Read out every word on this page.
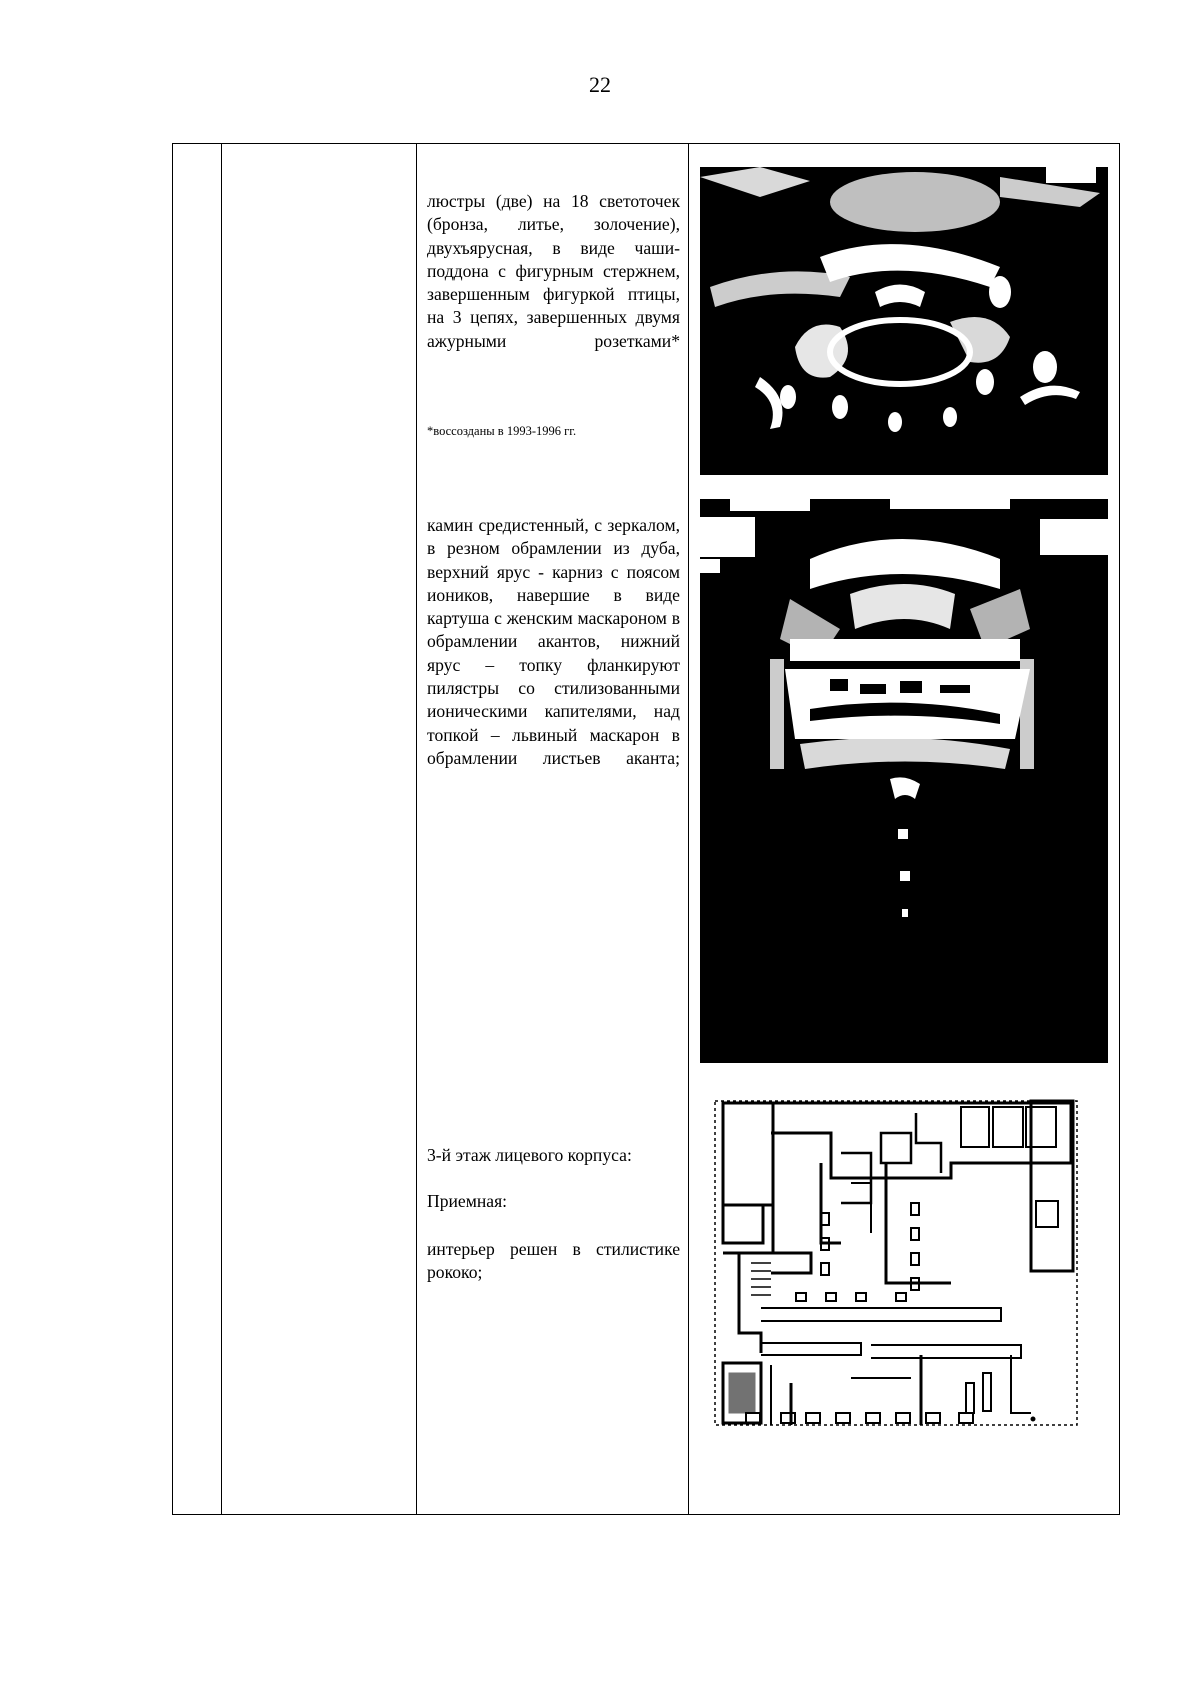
22

люстры (две) на 18 светоточек (бронза, литье, золочение), двухъярусная, в виде чаши-поддона с фигурным стержнем, завершенным фигуркой птицы, на 3 цепях, завершенных двумя ажурными розетками*

*воссозданы в 1993-1996 гг.

камин средистенный, с зеркалом, в резном обрамлении из дуба, верхний ярус - карниз с поясом иоников, навершие в виде картуша с женским маскароном в обрамлении акантов, нижний ярус – топку фланкируют пилястры со стилизованными ионическими капителями, над топкой – львиный маскарон в обрамлении листьев аканта;

3-й этаж лицевого корпуса:
Приемная:

интерьер решен в стилистике рококо;
